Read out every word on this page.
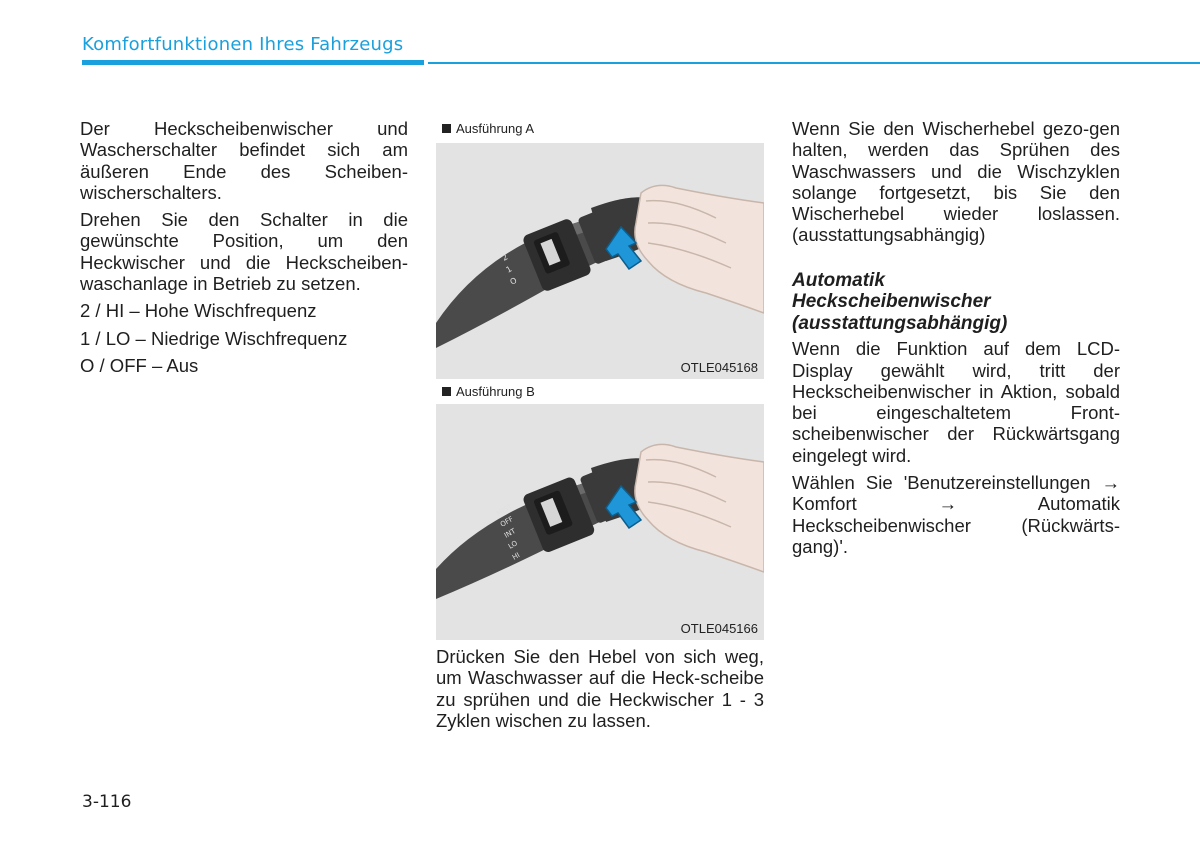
Komfortfunktionen Ihres Fahrzeugs

Der Heckscheibenwischer und Wascherschalter befindet sich am äußeren Ende des Scheiben-wischerschalters.

Drehen Sie den Schalter in die gewünschte Position, um den Heckwischer und die Heckscheiben-waschanlage in Betrieb zu setzen.

2 / HI – Hohe Wischfrequenz

1 / LO – Niedrige Wischfrequenz

O / OFF – Aus

Ausführung A
2
1
O
OTLE045168
Ausführung B
MIST
OFF
INT
LO
HI
OTLE045166

Drücken Sie den Hebel von sich weg, um Waschwasser auf die Heck-scheibe zu sprühen und die Heckwischer 1 - 3 Zyklen wischen zu lassen.

Wenn Sie den Wischerhebel gezo-gen halten, werden das Sprühen des Waschwassers und die Wischzyklen solange fortgesetzt, bis Sie den Wischerhebel wieder loslassen. (ausstattungsabhängig)

Automatik
Heckscheibenwischer
(ausstattungsabhängig)

Wenn die Funktion auf dem LCD-Display gewählt wird, tritt der Heckscheibenwischer in Aktion, sobald bei eingeschaltetem Front-scheibenwischer der Rückwärtsgang eingelegt wird.

Wählen Sie 'Benutzereinstellungen → Komfort → Automatik Heckscheibenwischer (Rückwärts-gang)'.

3-116
